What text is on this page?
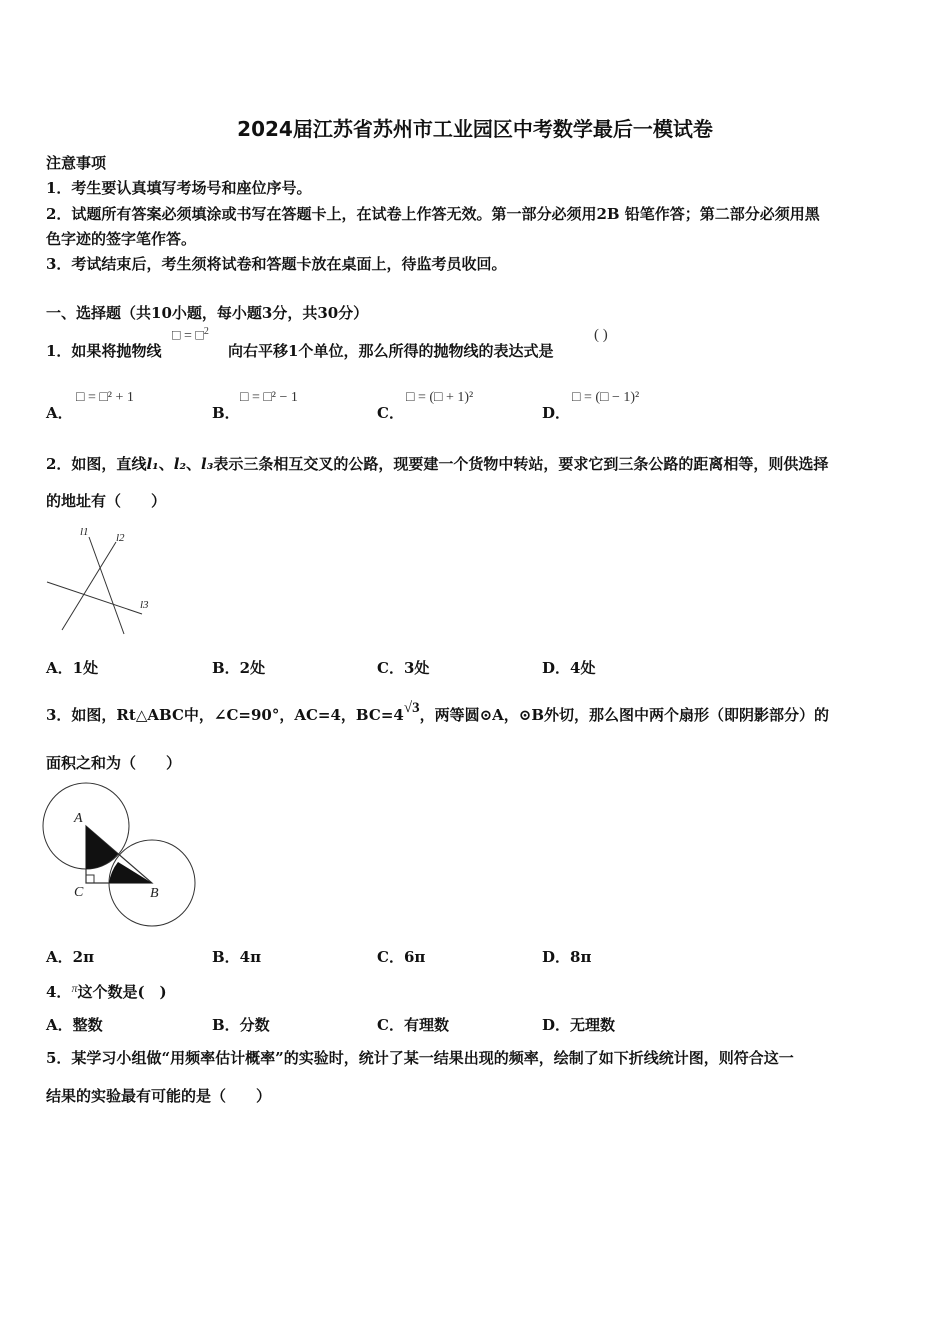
2024届江苏省苏州市工业园区中考数学最后一模试卷
注意事项
1．考生要认真填写考场号和座位序号。
2．试题所有答案必须填涂或书写在答题卡上，在试卷上作答无效。第一部分必须用2B 铅笔作答；第二部分必须用黑
色字迹的签字笔作答。
3．考试结束后，考生须将试卷和答题卡放在桌面上，待监考员收回。
一、选择题（共10小题，每小题3分，共30分）
1．如果将抛物线
□ = □$^2$
向右平移1个单位，那么所得的抛物线的表达式是
( )
A．
□ = □² + 1
B．
□ = □² − 1
C．
□ = (□ + 1)²
D．
□ = (□ − 1)²
2．如图，直线l₁、l₂、l₃表示三条相互交叉的公路，现要建一个货物中转站，要求它到三条公路的距离相等，则供选择
的地址有（　　）
l1 l2
l3
A．1处	B．2处	C．3处	D．4处
3．如图，Rt△ABC中，∠C=90°，AC=4，BC=4√3，两等圆⊙A，⊙B外切，那么图中两个扇形（即阴影部分）的
面积之和为（　　）
A
C	B
A．2π	B．4π	C．6π	D．8π
4．$^\pi$这个数是(　)
A．整数	B．分数	C．有理数	D．无理数
5．某学习小组做“用频率估计概率”的实验时，统计了某一结果出现的频率，绘制了如下折线统计图，则符合这一
结果的实验最有可能的是（　　）
